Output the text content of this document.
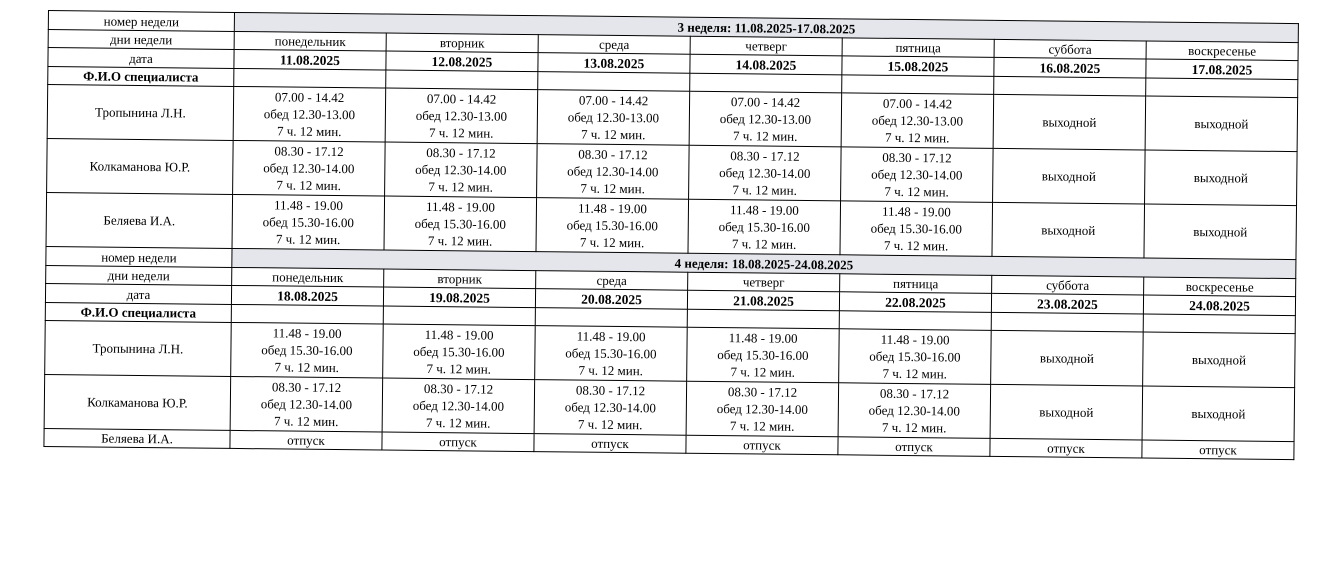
номер недели	3 неделя: 11.08.2025-17.08.2025						
дни недели	понедельник	вторник	среда	четверг	пятница	суббота	воскресенье
дата	11.08.2025	12.08.2025	13.08.2025	14.08.2025	15.08.2025	16.08.2025	17.08.2025
Ф.И.О специалиста							
Тропынина Л.Н.	07.00 - 14.42
обед 12.30-13.00
7 ч. 12 мин.	07.00 - 14.42
обед 12.30-13.00
7 ч. 12 мин.	07.00 - 14.42
обед 12.30-13.00
7 ч. 12 мин.	07.00 - 14.42
обед 12.30-13.00
7 ч. 12 мин.	07.00 - 14.42
обед 12.30-13.00
7 ч. 12 мин.	выходной	выходной
Колкаманова Ю.Р.	08.30 - 17.12
обед 12.30-14.00
7 ч. 12 мин.	08.30 - 17.12
обед 12.30-14.00
7 ч. 12 мин.	08.30 - 17.12
обед 12.30-14.00
7 ч. 12 мин.	08.30 - 17.12
обед 12.30-14.00
7 ч. 12 мин.	08.30 - 17.12
обед 12.30-14.00
7 ч. 12 мин.	выходной	выходной
Беляева И.А.	11.48 - 19.00
обед 15.30-16.00
7 ч. 12 мин.	11.48 - 19.00
обед 15.30-16.00
7 ч. 12 мин.	11.48 - 19.00
обед 15.30-16.00
7 ч. 12 мин.	11.48 - 19.00
обед 15.30-16.00
7 ч. 12 мин.	11.48 - 19.00
обед 15.30-16.00
7 ч. 12 мин.	выходной	выходной
номер недели	4 неделя: 18.08.2025-24.08.2025						
дни недели	понедельник	вторник	среда	четверг	пятница	суббота	воскресенье
дата	18.08.2025	19.08.2025	20.08.2025	21.08.2025	22.08.2025	23.08.2025	24.08.2025
Ф.И.О специалиста							
Тропынина Л.Н.	11.48 - 19.00
обед 15.30-16.00
7 ч. 12 мин.	11.48 - 19.00
обед 15.30-16.00
7 ч. 12 мин.	11.48 - 19.00
обед 15.30-16.00
7 ч. 12 мин.	11.48 - 19.00
обед 15.30-16.00
7 ч. 12 мин.	11.48 - 19.00
обед 15.30-16.00
7 ч. 12 мин.	выходной	выходной
Колкаманова Ю.Р.	08.30 - 17.12
обед 12.30-14.00
7 ч. 12 мин.	08.30 - 17.12
обед 12.30-14.00
7 ч. 12 мин.	08.30 - 17.12
обед 12.30-14.00
7 ч. 12 мин.	08.30 - 17.12
обед 12.30-14.00
7 ч. 12 мин.	08.30 - 17.12
обед 12.30-14.00
7 ч. 12 мин.	выходной	выходной
Беляева И.А.	отпуск	отпуск	отпуск	отпуск	отпуск	отпуск	отпуск
